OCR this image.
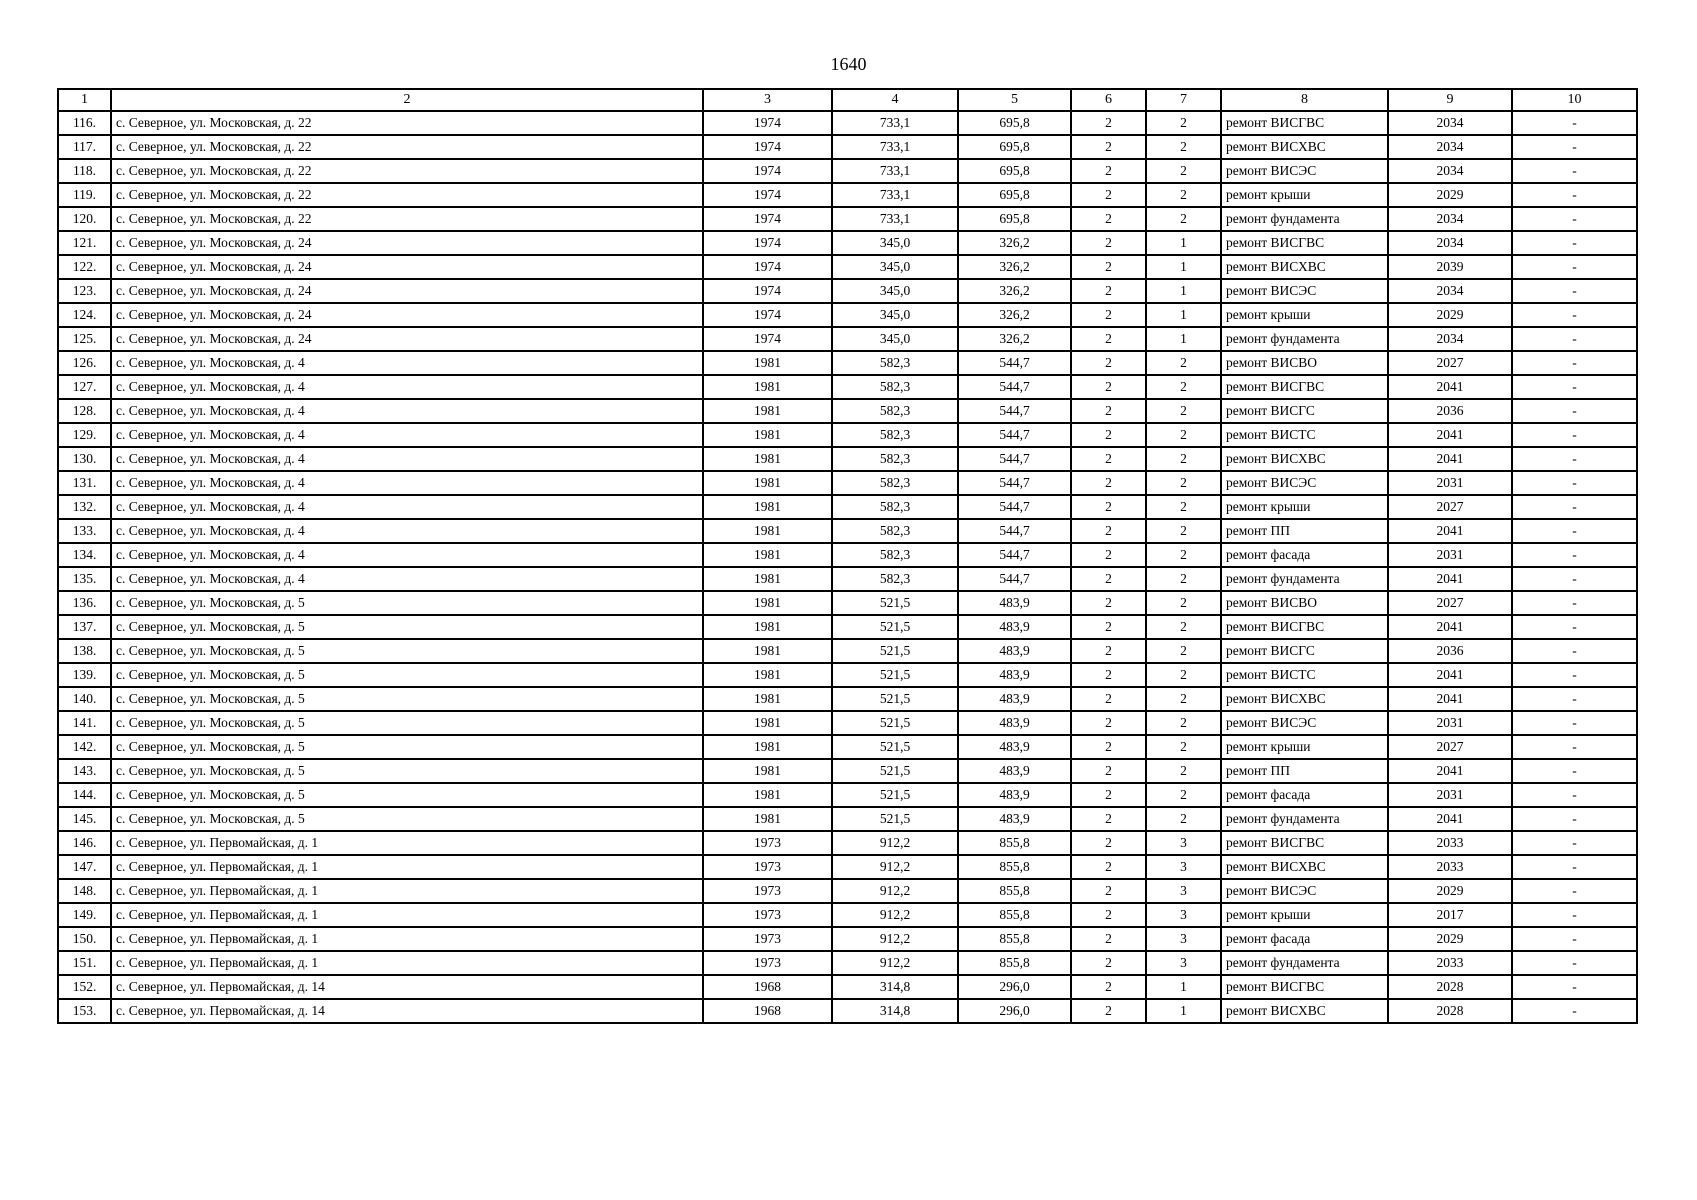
1640
1	2	3	4	5	6	7	8	9	10
116.	с. Северное, ул. Московская, д. 22	1974	733,1	695,8	2	2	ремонт ВИСГВС	2034	-
117.	с. Северное, ул. Московская, д. 22	1974	733,1	695,8	2	2	ремонт ВИСХВС	2034	-
118.	с. Северное, ул. Московская, д. 22	1974	733,1	695,8	2	2	ремонт ВИСЭС	2034	-
119.	с. Северное, ул. Московская, д. 22	1974	733,1	695,8	2	2	ремонт крыши	2029	-
120.	с. Северное, ул. Московская, д. 22	1974	733,1	695,8	2	2	ремонт фундамента	2034	-
121.	с. Северное, ул. Московская, д. 24	1974	345,0	326,2	2	1	ремонт ВИСГВС	2034	-
122.	с. Северное, ул. Московская, д. 24	1974	345,0	326,2	2	1	ремонт ВИСХВС	2039	-
123.	с. Северное, ул. Московская, д. 24	1974	345,0	326,2	2	1	ремонт ВИСЭС	2034	-
124.	с. Северное, ул. Московская, д. 24	1974	345,0	326,2	2	1	ремонт крыши	2029	-
125.	с. Северное, ул. Московская, д. 24	1974	345,0	326,2	2	1	ремонт фундамента	2034	-
126.	с. Северное, ул. Московская, д. 4	1981	582,3	544,7	2	2	ремонт ВИСВО	2027	-
127.	с. Северное, ул. Московская, д. 4	1981	582,3	544,7	2	2	ремонт ВИСГВС	2041	-
128.	с. Северное, ул. Московская, д. 4	1981	582,3	544,7	2	2	ремонт ВИСГС	2036	-
129.	с. Северное, ул. Московская, д. 4	1981	582,3	544,7	2	2	ремонт ВИСТС	2041	-
130.	с. Северное, ул. Московская, д. 4	1981	582,3	544,7	2	2	ремонт ВИСХВС	2041	-
131.	с. Северное, ул. Московская, д. 4	1981	582,3	544,7	2	2	ремонт ВИСЭС	2031	-
132.	с. Северное, ул. Московская, д. 4	1981	582,3	544,7	2	2	ремонт крыши	2027	-
133.	с. Северное, ул. Московская, д. 4	1981	582,3	544,7	2	2	ремонт ПП	2041	-
134.	с. Северное, ул. Московская, д. 4	1981	582,3	544,7	2	2	ремонт фасада	2031	-
135.	с. Северное, ул. Московская, д. 4	1981	582,3	544,7	2	2	ремонт фундамента	2041	-
136.	с. Северное, ул. Московская, д. 5	1981	521,5	483,9	2	2	ремонт ВИСВО	2027	-
137.	с. Северное, ул. Московская, д. 5	1981	521,5	483,9	2	2	ремонт ВИСГВС	2041	-
138.	с. Северное, ул. Московская, д. 5	1981	521,5	483,9	2	2	ремонт ВИСГС	2036	-
139.	с. Северное, ул. Московская, д. 5	1981	521,5	483,9	2	2	ремонт ВИСТС	2041	-
140.	с. Северное, ул. Московская, д. 5	1981	521,5	483,9	2	2	ремонт ВИСХВС	2041	-
141.	с. Северное, ул. Московская, д. 5	1981	521,5	483,9	2	2	ремонт ВИСЭС	2031	-
142.	с. Северное, ул. Московская, д. 5	1981	521,5	483,9	2	2	ремонт крыши	2027	-
143.	с. Северное, ул. Московская, д. 5	1981	521,5	483,9	2	2	ремонт ПП	2041	-
144.	с. Северное, ул. Московская, д. 5	1981	521,5	483,9	2	2	ремонт фасада	2031	-
145.	с. Северное, ул. Московская, д. 5	1981	521,5	483,9	2	2	ремонт фундамента	2041	-
146.	с. Северное, ул. Первомайская, д. 1	1973	912,2	855,8	2	3	ремонт ВИСГВС	2033	-
147.	с. Северное, ул. Первомайская, д. 1	1973	912,2	855,8	2	3	ремонт ВИСХВС	2033	-
148.	с. Северное, ул. Первомайская, д. 1	1973	912,2	855,8	2	3	ремонт ВИСЭС	2029	-
149.	с. Северное, ул. Первомайская, д. 1	1973	912,2	855,8	2	3	ремонт крыши	2017	-
150.	с. Северное, ул. Первомайская, д. 1	1973	912,2	855,8	2	3	ремонт фасада	2029	-
151.	с. Северное, ул. Первомайская, д. 1	1973	912,2	855,8	2	3	ремонт фундамента	2033	-
152.	с. Северное, ул. Первомайская, д. 14	1968	314,8	296,0	2	1	ремонт ВИСГВС	2028	-
153.	с. Северное, ул. Первомайская, д. 14	1968	314,8	296,0	2	1	ремонт ВИСХВС	2028	-
